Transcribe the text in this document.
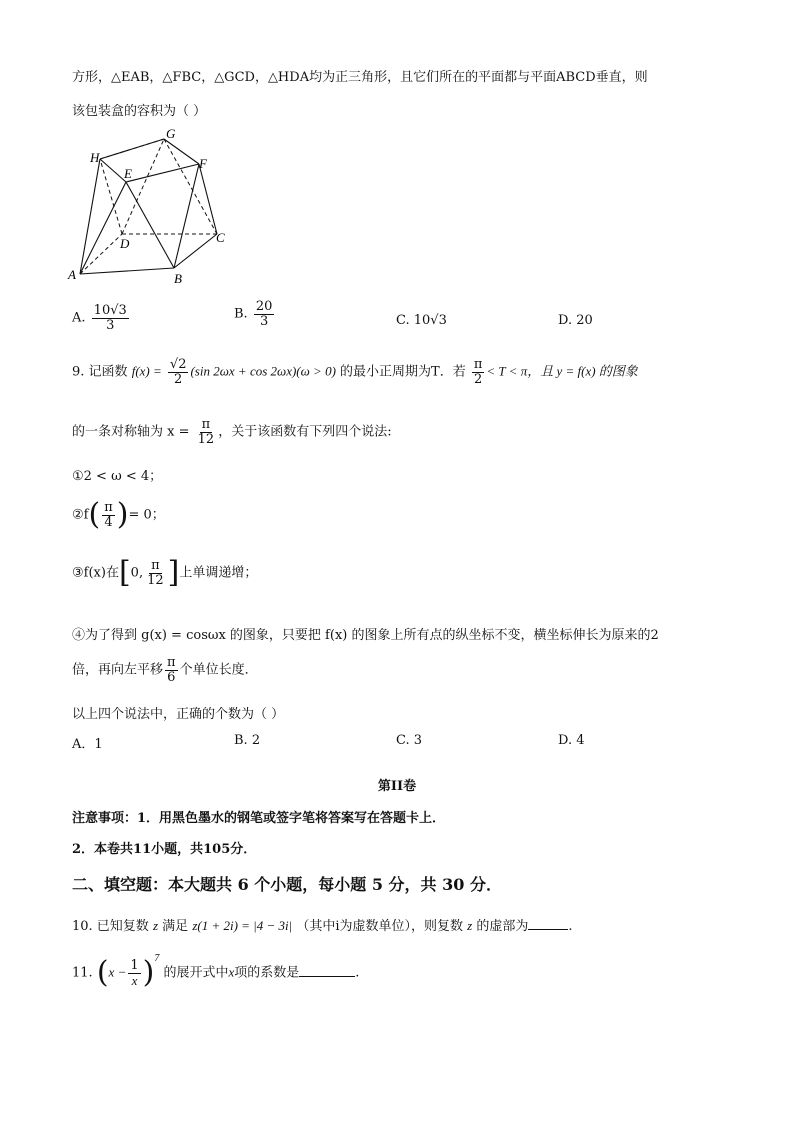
方形，△EAB，△FBC，△GCD，△HDA均为正三角形，且它们所在的平面都与平面ABCD垂直，则
该包装盒的容积为（ ）
G
H	F
E
D	C
A	B
A. $\frac{10√3}{3}$	B. $\frac{20}{3}$	C. 10√3	D. 20
9. 记函数 $f(x) = \frac{√2}{2} (\sin$ 2ωx + cos 2ωx)(ω > 0) 的最小正周期为T．若 $\frac{\pi}{2} < T < \pi$，且 y = f(x) 的图象
的一条对称轴为 $x = \frac{\pi}{12}$ ，关于该函数有下列四个说法:
①2 < ω < 4；
②f( $\frac{\pi}{4}$ )= 0；
③f(x)在[0, $\frac{\pi}{12}$ ]上单调递增；
④为了得到 g(x) = cosωx 的图象，只要把 f(x) 的图象上所有点的纵坐标不变，横坐标伸长为原来的2
倍，再向左平移 $\frac{\pi}{6}$ 个单位长度．
以上四个说法中，正确的个数为（ ）
A．1	B. 2	C. 3	D. 4
第II卷
注意事项：1．用黑色墨水的钢笔或签字笔将答案写在答题卡上．
2．本卷共11小题，共105分．
二、填空题：本大题共 6 个小题，每小题 5 分，共 30 分．
10. 已知复数 z 满足 z(1 + 2i) = |4 − 3i| （其中i为虚数单位），则复数 z 的虚部为	.
11. $(x - \frac{1}{x} )^7$ 的展开式中x项的系数是	.
